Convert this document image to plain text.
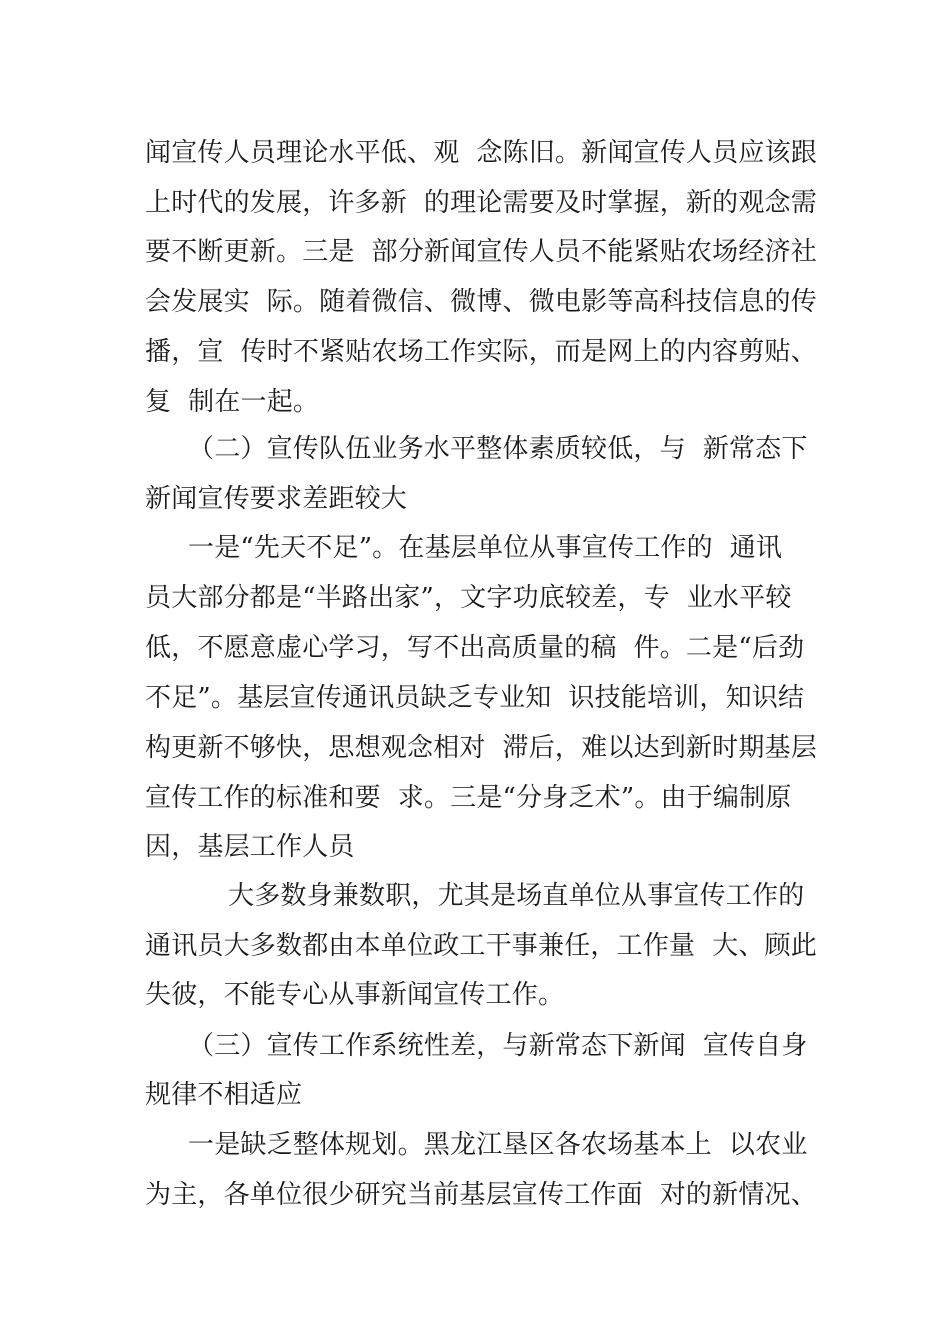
闻宣传人员理论水平低、观  念陈旧。新闻宣传人员应该跟
上时代的发展，许多新  的理论需要及时掌握，新的观念需
要不断更新。三是  部分新闻宣传人员不能紧贴农场经济社
会发展实  际。随着微信、微博、微电影等高科技信息的传
播，宣  传时不紧贴农场工作实际，而是网上的内容剪贴、
复  制在一起。
（二）宣传队伍业务水平整体素质较低，与  新常态下
新闻宣传要求差距较大
一是“先天不足”。在基层单位从事宣传工作的  通讯
员大部分都是“半路出家”，文字功底较差，专  业水平较
低，不愿意虚心学习，写不出高质量的稿  件。二是“后劲
不足”。基层宣传通讯员缺乏专业知  识技能培训，知识结
构更新不够快，思想观念相对  滞后，难以达到新时期基层
宣传工作的标准和要  求。三是“分身乏术”。由于编制原
因，基层工作人员
大多数身兼数职，尤其是场直单位从事宣传工作的
通讯员大多数都由本单位政工干事兼任，工作量  大、顾此
失彼，不能专心从事新闻宣传工作。
（三）宣传工作系统性差，与新常态下新闻  宣传自身
规律不相适应
一是缺乏整体规划。黑龙江垦区各农场基本上  以农业
为主，各单位很少研究当前基层宣传工作面  对的新情况、
